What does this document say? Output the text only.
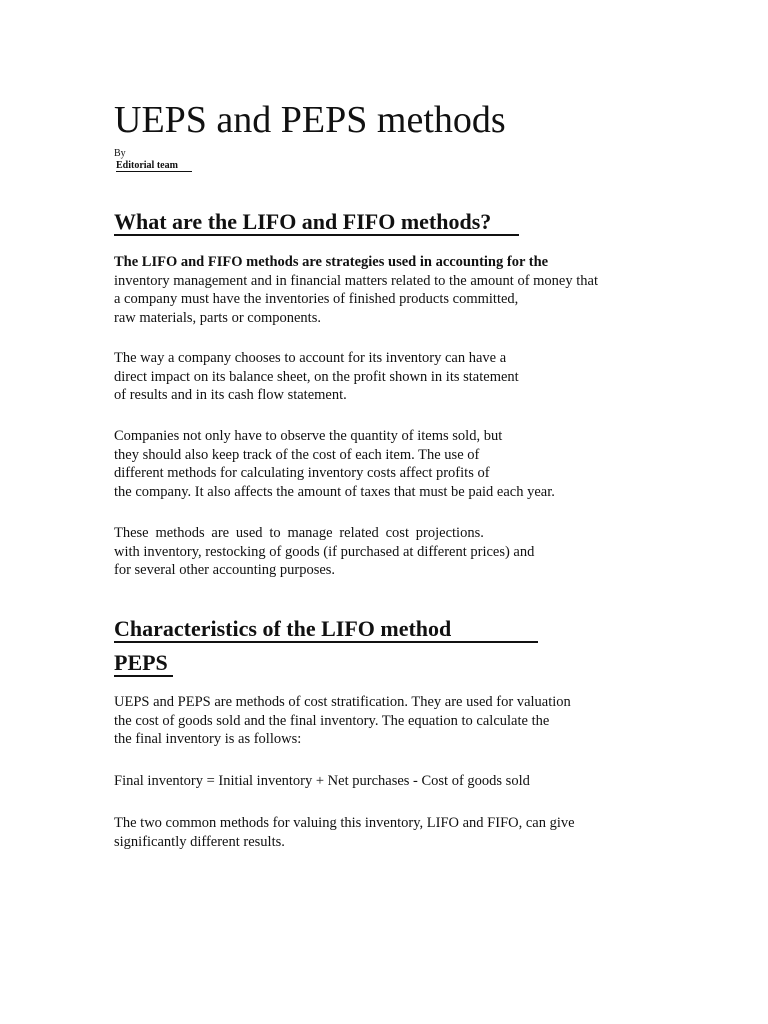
UEPS and PEPS methods
By
Editorial team
What are the LIFO and FIFO methods?
The LIFO and FIFO methods are strategies used in accounting for the
inventory management and in financial matters related to the amount of money that
a company must have the inventories of finished products committed,
raw materials, parts or components.
The way a company chooses to account for its inventory can have a
direct impact on its balance sheet, on the profit shown in its statement
of results and in its cash flow statement.
Companies not only have to observe the quantity of items sold, but
they should also keep track of the cost of each item. The use of
different methods for calculating inventory costs affect profits of
the company. It also affects the amount of taxes that must be paid each year.
These methods are used to manage related cost projections.
with inventory, restocking of goods (if purchased at different prices) and
for several other accounting purposes.
Characteristics of the LIFO method
PEPS
UEPS and PEPS are methods of cost stratification. They are used for valuation
the cost of goods sold and the final inventory. The equation to calculate the
the final inventory is as follows:
Final inventory = Initial inventory + Net purchases - Cost of goods sold
The two common methods for valuing this inventory, LIFO and FIFO, can give
significantly different results.
